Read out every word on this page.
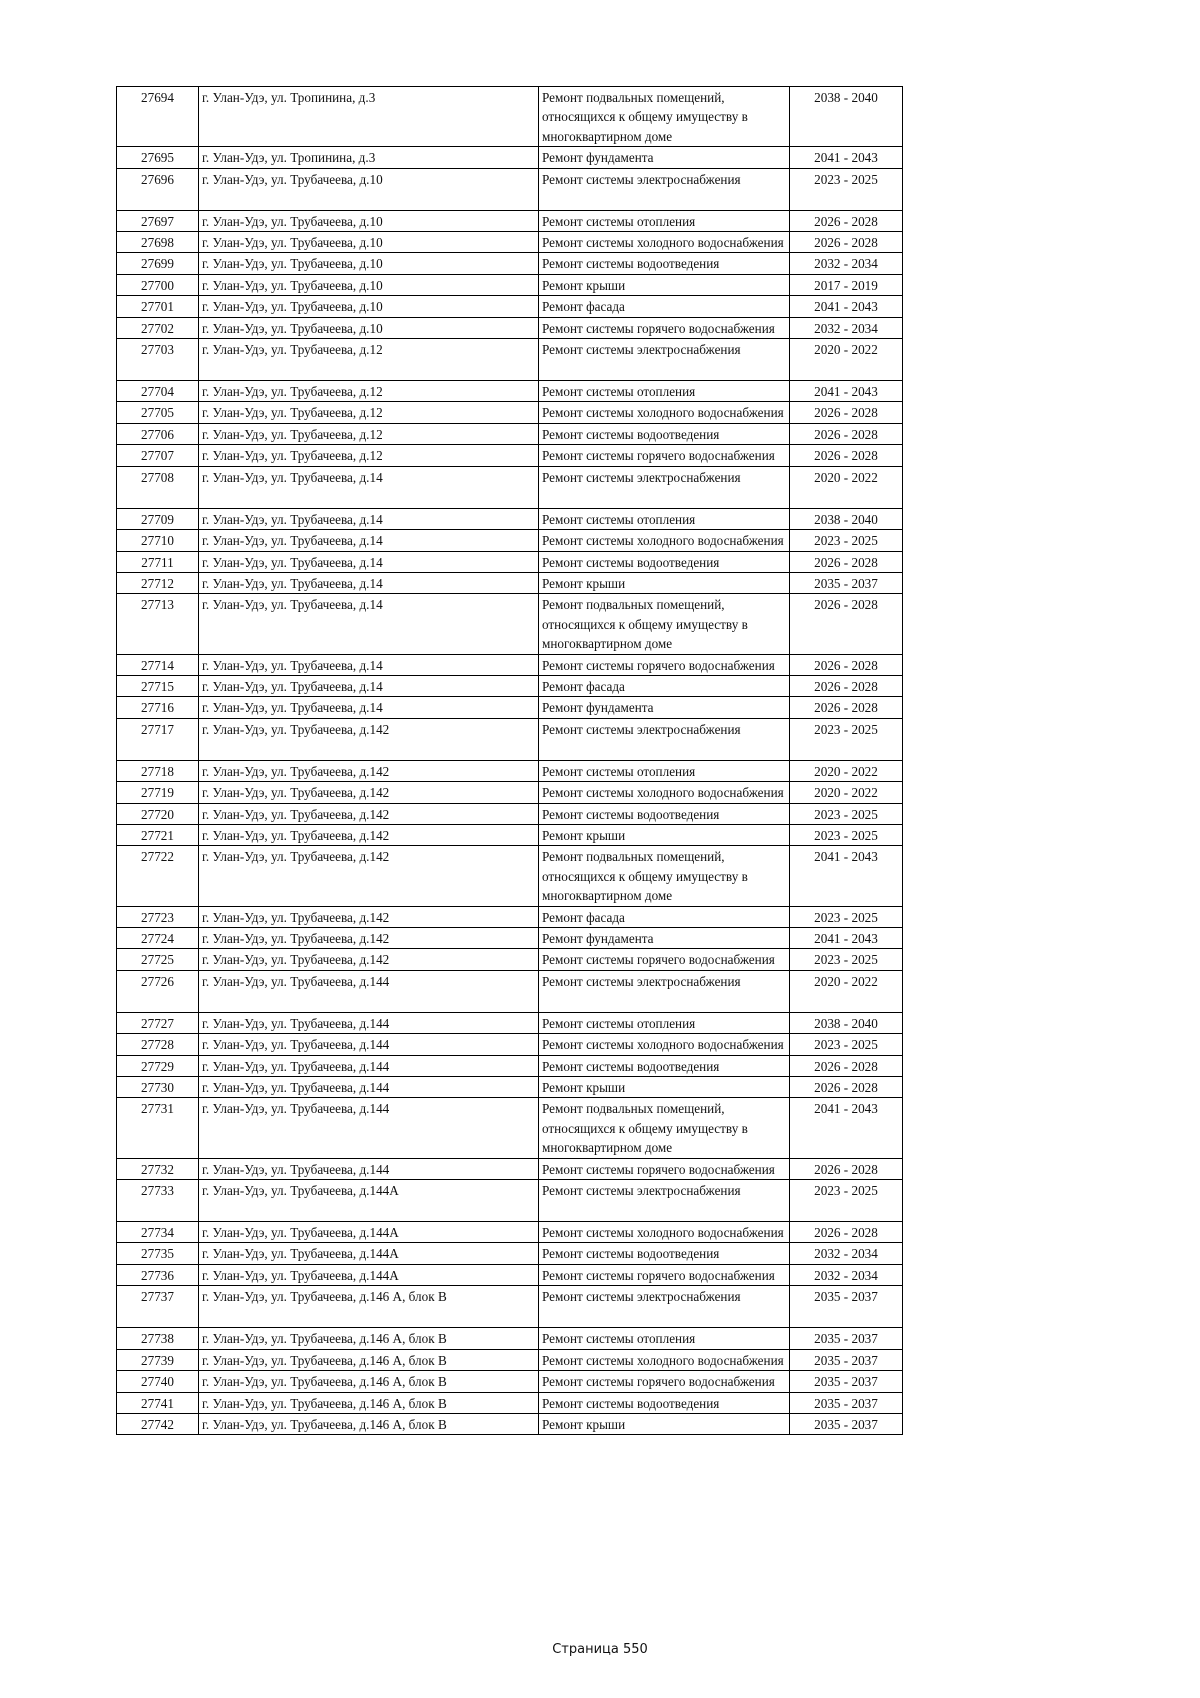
27694	г. Улан-Удэ, ул. Тропинина, д.3	Ремонт подвальных помещений, относящихся к общему имуществу в многоквартирном доме	2038 - 2040
27695	г. Улан-Удэ, ул. Тропинина, д.3	Ремонт фундамента	2041 - 2043
27696	г. Улан-Удэ, ул. Трубачеева, д.10	Ремонт системы электроснабжения	2023 - 2025
27697	г. Улан-Удэ, ул. Трубачеева, д.10	Ремонт системы отопления	2026 - 2028
27698	г. Улан-Удэ, ул. Трубачеева, д.10	Ремонт системы холодного водоснабжения	2026 - 2028
27699	г. Улан-Удэ, ул. Трубачеева, д.10	Ремонт системы водоотведения	2032 - 2034
27700	г. Улан-Удэ, ул. Трубачеева, д.10	Ремонт крыши	2017 - 2019
27701	г. Улан-Удэ, ул. Трубачеева, д.10	Ремонт фасада	2041 - 2043
27702	г. Улан-Удэ, ул. Трубачеева, д.10	Ремонт системы горячего водоснабжения	2032 - 2034
27703	г. Улан-Удэ, ул. Трубачеева, д.12	Ремонт системы электроснабжения	2020 - 2022
27704	г. Улан-Удэ, ул. Трубачеева, д.12	Ремонт системы отопления	2041 - 2043
27705	г. Улан-Удэ, ул. Трубачеева, д.12	Ремонт системы холодного водоснабжения	2026 - 2028
27706	г. Улан-Удэ, ул. Трубачеева, д.12	Ремонт системы водоотведения	2026 - 2028
27707	г. Улан-Удэ, ул. Трубачеева, д.12	Ремонт системы горячего водоснабжения	2026 - 2028
27708	г. Улан-Удэ, ул. Трубачеева, д.14	Ремонт системы электроснабжения	2020 - 2022
27709	г. Улан-Удэ, ул. Трубачеева, д.14	Ремонт системы отопления	2038 - 2040
27710	г. Улан-Удэ, ул. Трубачеева, д.14	Ремонт системы холодного водоснабжения	2023 - 2025
27711	г. Улан-Удэ, ул. Трубачеева, д.14	Ремонт системы водоотведения	2026 - 2028
27712	г. Улан-Удэ, ул. Трубачеева, д.14	Ремонт крыши	2035 - 2037
27713	г. Улан-Удэ, ул. Трубачеева, д.14	Ремонт подвальных помещений, относящихся к общему имуществу в многоквартирном доме	2026 - 2028
27714	г. Улан-Удэ, ул. Трубачеева, д.14	Ремонт системы горячего водоснабжения	2026 - 2028
27715	г. Улан-Удэ, ул. Трубачеева, д.14	Ремонт фасада	2026 - 2028
27716	г. Улан-Удэ, ул. Трубачеева, д.14	Ремонт фундамента	2026 - 2028
27717	г. Улан-Удэ, ул. Трубачеева, д.142	Ремонт системы электроснабжения	2023 - 2025
27718	г. Улан-Удэ, ул. Трубачеева, д.142	Ремонт системы отопления	2020 - 2022
27719	г. Улан-Удэ, ул. Трубачеева, д.142	Ремонт системы холодного водоснабжения	2020 - 2022
27720	г. Улан-Удэ, ул. Трубачеева, д.142	Ремонт системы водоотведения	2023 - 2025
27721	г. Улан-Удэ, ул. Трубачеева, д.142	Ремонт крыши	2023 - 2025
27722	г. Улан-Удэ, ул. Трубачеева, д.142	Ремонт подвальных помещений, относящихся к общему имуществу в многоквартирном доме	2041 - 2043
27723	г. Улан-Удэ, ул. Трубачеева, д.142	Ремонт фасада	2023 - 2025
27724	г. Улан-Удэ, ул. Трубачеева, д.142	Ремонт фундамента	2041 - 2043
27725	г. Улан-Удэ, ул. Трубачеева, д.142	Ремонт системы горячего водоснабжения	2023 - 2025
27726	г. Улан-Удэ, ул. Трубачеева, д.144	Ремонт системы электроснабжения	2020 - 2022
27727	г. Улан-Удэ, ул. Трубачеева, д.144	Ремонт системы отопления	2038 - 2040
27728	г. Улан-Удэ, ул. Трубачеева, д.144	Ремонт системы холодного водоснабжения	2023 - 2025
27729	г. Улан-Удэ, ул. Трубачеева, д.144	Ремонт системы водоотведения	2026 - 2028
27730	г. Улан-Удэ, ул. Трубачеева, д.144	Ремонт крыши	2026 - 2028
27731	г. Улан-Удэ, ул. Трубачеева, д.144	Ремонт подвальных помещений, относящихся к общему имуществу в многоквартирном доме	2041 - 2043
27732	г. Улан-Удэ, ул. Трубачеева, д.144	Ремонт системы горячего водоснабжения	2026 - 2028
27733	г. Улан-Удэ, ул. Трубачеева, д.144А	Ремонт системы электроснабжения	2023 - 2025
27734	г. Улан-Удэ, ул. Трубачеева, д.144А	Ремонт системы холодного водоснабжения	2026 - 2028
27735	г. Улан-Удэ, ул. Трубачеева, д.144А	Ремонт системы водоотведения	2032 - 2034
27736	г. Улан-Удэ, ул. Трубачеева, д.144А	Ремонт системы горячего водоснабжения	2032 - 2034
27737	г. Улан-Удэ, ул. Трубачеева, д.146 А, блок В	Ремонт системы электроснабжения	2035 - 2037
27738	г. Улан-Удэ, ул. Трубачеева, д.146 А, блок В	Ремонт системы отопления	2035 - 2037
27739	г. Улан-Удэ, ул. Трубачеева, д.146 А, блок В	Ремонт системы холодного водоснабжения	2035 - 2037
27740	г. Улан-Удэ, ул. Трубачеева, д.146 А, блок В	Ремонт системы горячего водоснабжения	2035 - 2037
27741	г. Улан-Удэ, ул. Трубачеева, д.146 А, блок В	Ремонт системы водоотведения	2035 - 2037
27742	г. Улан-Удэ, ул. Трубачеева, д.146 А, блок В	Ремонт крыши	2035 - 2037
Страница 550
